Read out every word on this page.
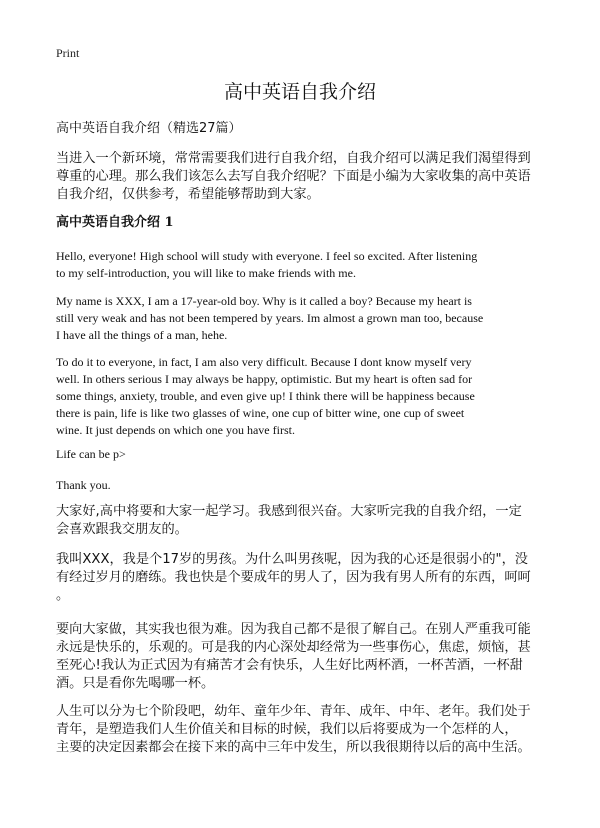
Print
高中英语自我介绍
高中英语自我介绍（精选27篇）
当进入一个新环境，常常需要我们进行自我介绍，自我介绍可以满足我们渴望得到
尊重的心理。那么我们该怎么去写自我介绍呢？下面是小编为大家收集的高中英语
自我介绍，仅供参考，希望能够帮助到大家。
高中英语自我介绍 1
Hello, everyone! High school will study with everyone. I feel so excited. After listening
to my self-introduction, you will like to make friends with me.
My name is XXX, I am a 17-year-old boy. Why is it called a boy? Because my heart is
still very weak and has not been tempered by years. Im almost a grown man too, because
I have all the things of a man, hehe.
To do it to everyone, in fact, I am also very difficult. Because I dont know myself very
well. In others serious I may always be happy, optimistic. But my heart is often sad for
some things, anxiety, trouble, and even give up! I think there will be happiness because
there is pain, life is like two glasses of wine, one cup of bitter wine, one cup of sweet
wine. It just depends on which one you have first.
Life can be p>
Thank you.
大家好,高中将要和大家一起学习。我感到很兴奋。大家听完我的自我介绍，一定
会喜欢跟我交朋友的。
我叫XXX，我是个17岁的男孩。为什么叫男孩呢，因为我的心还是很弱小的"，没
有经过岁月的磨练。我也快是个要成年的男人了，因为我有男人所有的东西，呵呵
。
要向大家做，其实我也很为难。因为我自己都不是很了解自己。在别人严重我可能
永远是快乐的，乐观的。可是我的内心深处却经常为一些事伤心，焦虑，烦恼，甚
至死心!我认为正式因为有痛苦才会有快乐，人生好比两杯酒，一杯苦酒，一杯甜
酒。只是看你先喝哪一杯。
人生可以分为七个阶段吧，幼年、童年少年、青年、成年、中年、老年。我们处于
青年，是塑造我们人生价值关和目标的时候，我们以后将要成为一个怎样的人，
主要的决定因素都会在接下来的高中三年中发生，所以我很期待以后的高中生活。
